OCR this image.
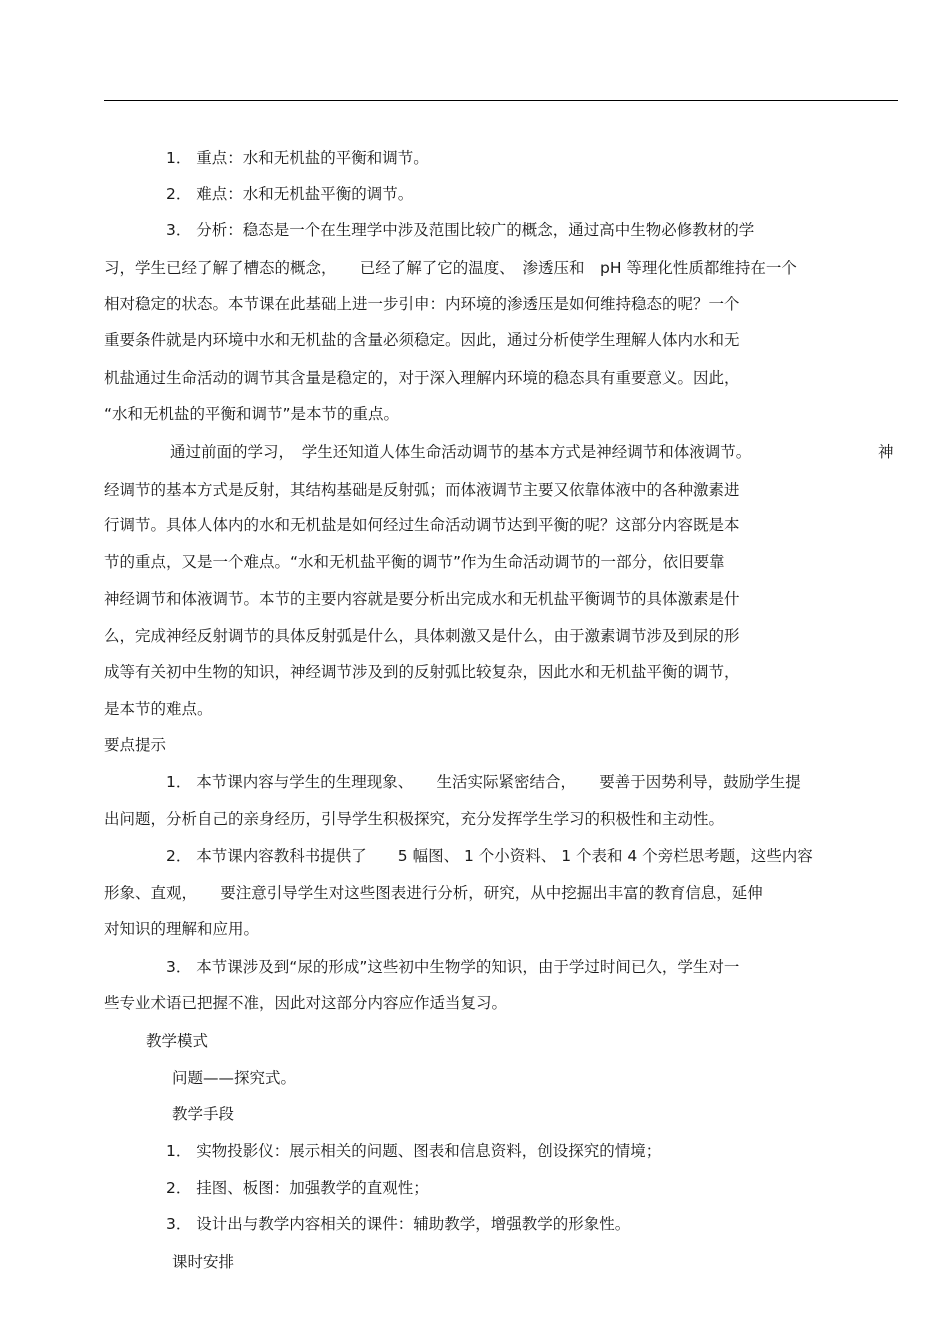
1． 重点：水和无机盐的平衡和调节。
2． 难点：水和无机盐平衡的调节。
3． 分析：稳态是一个在生理学中涉及范围比较广的概念，通过高中生物必修教材的学
习，学生已经了解了槽态的概念，　　已经了解了它的温度、　渗透压和　pH 等理化性质都维持在一个
相对稳定的状态。本节课在此基础上进一步引申：内环境的渗透压是如何维持稳态的呢？一个
重要条件就是内环境中水和无机盐的含量必须稳定。因此，通过分析使学生理解人体内水和无
机盐通过生命活动的调节其含量是稳定的，对于深入理解内环境的稳态具有重要意义。因此，
“水和无机盐的平衡和调节”是本节的重点。
通过前面的学习，　学生还知道人体生命活动调节的基本方式是神经调节和体液调节。	神
经调节的基本方式是反射，其结构基础是反射弧；而体液调节主要又依靠体液中的各种激素进
行调节。具体人体内的水和无机盐是如何经过生命活动调节达到平衡的呢？这部分内容既是本
节的重点，又是一个难点。“水和无机盐平衡的调节”作为生命活动调节的一部分，依旧要靠
神经调节和体液调节。本节的主要内容就是要分析出完成水和无机盐平衡调节的具体激素是什
么，完成神经反射调节的具体反射弧是什么，具体刺激又是什么，由于激素调节涉及到尿的形
成等有关初中生物的知识，神经调节涉及到的反射弧比较复杂，因此水和无机盐平衡的调节，
是本节的难点。
要点提示
1． 本节课内容与学生的生理现象、　　生活实际紧密结合，　　要善于因势利导，鼓励学生提
出问题，分析自己的亲身经历，引导学生积极探究，充分发挥学生学习的积极性和主动性。
2． 本节课内容教科书提供了　　5 幅图、 1 个小资料、 1 个表和 4 个旁栏思考题，这些内容
形象、直观，　　要注意引导学生对这些图表进行分析，研究，从中挖掘出丰富的教育信息，延伸
对知识的理解和应用。
3． 本节课涉及到“尿的形成”这些初中生物学的知识，由于学过时间已久，学生对一
些专业术语已把握不准，因此对这部分内容应作适当复习。
教学模式
问题——探究式。
教学手段
1． 实物投影仪：展示相关的问题、图表和信息资料，创设探究的情境；
2． 挂图、板图：加强教学的直观性；
3． 设计出与教学内容相关的课件：辅助教学，增强教学的形象性。
课时安排
